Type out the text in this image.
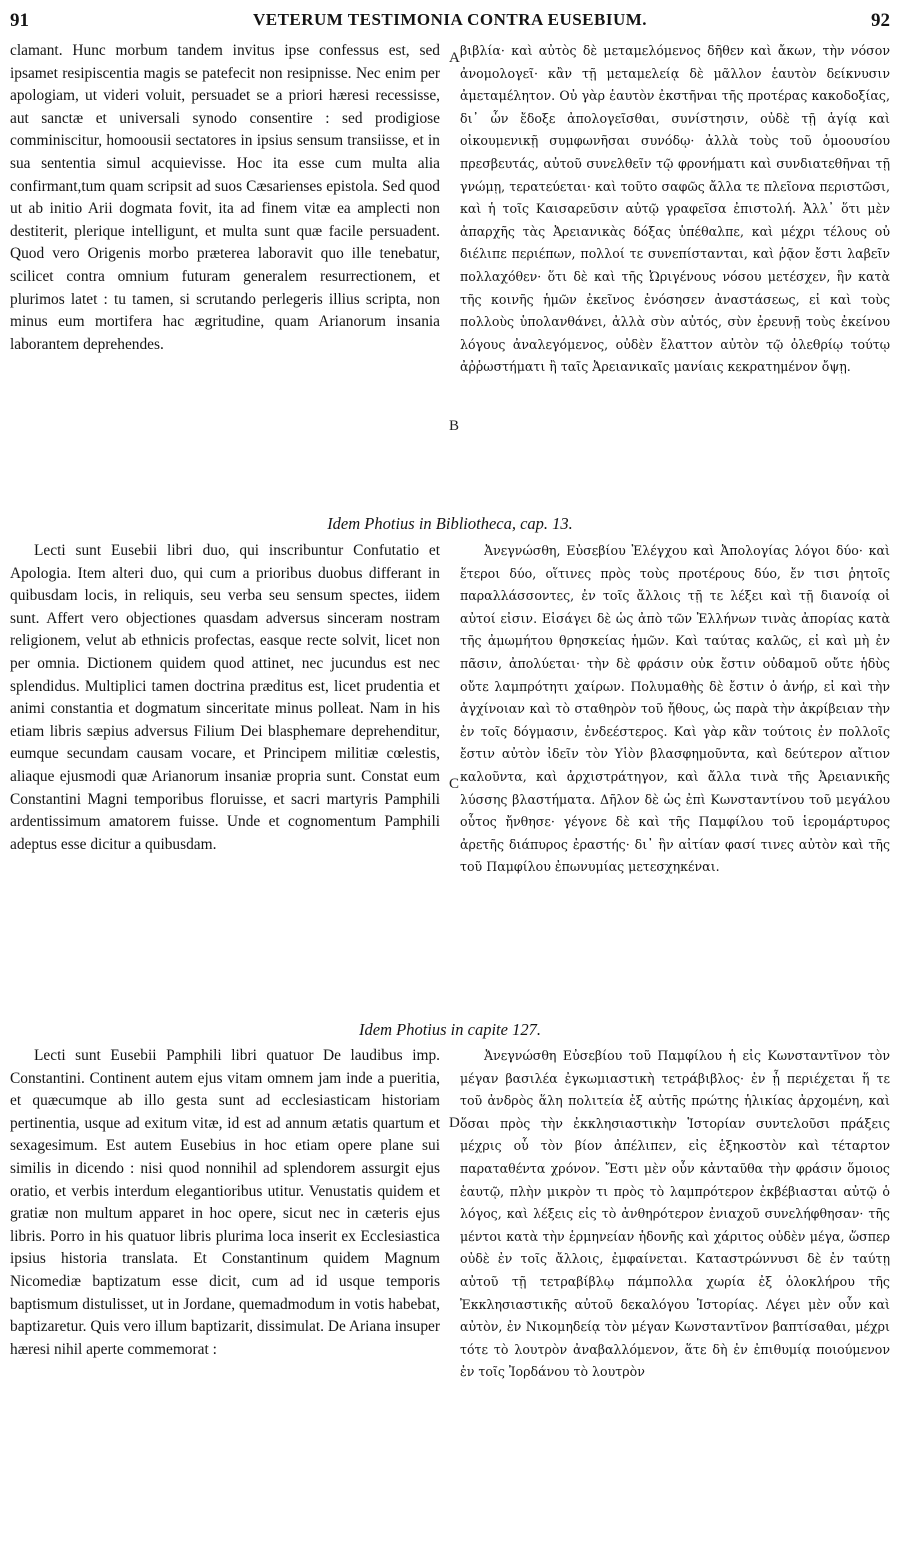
91	VETERUM TESTIMONIA CONTRA EUSEBIUM.	92

clamant. Hunc morbum tandem invitus ipse confessus est, sed ipsamet resipiscentia magis se patefecit non resipnisse. Nec enim per apologiam, ut videri voluit, persuadet se a priori hæresi recessisse, aut sanctæ et universali synodo consentire : sed prodigiose comminiscitur, homoousii sectatores in ipsius sensum transiisse, et in sua sententia simul acquievisse. Hoc ita esse cum multa alia confirmant,tum quam scripsit ad suos Cæsarienses epistola. Sed quod ut ab initio Arii dogmata fovit, ita ad finem vitæ ea amplecti non destiterit, plerique intelligunt, et multa sunt quæ facile persuadent. Quod vero Origenis morbo præterea laboravit quo ille tenebatur, scilicet contra omnium futuram generalem resurrectionem, et plurimos latet : tu tamen, si scrutando perlegeris illius scripta, non minus eum mortifera hac ægritudine, quam Arianorum insania laborantem deprehendes.

βιβλία· καὶ αὐτὸς δὲ μεταμελόμενος δῆθεν καὶ ἄκων, τὴν νόσον ἀνομολογεῖ· κἂν τῇ μεταμελείᾳ δὲ μᾶλλον ἑαυτὸν δείκνυσιν ἀμεταμέλητον. Οὐ γὰρ ἑαυτὸν ἐκστῆναι τῆς προτέρας κακοδοξίας, δι᾽ ὧν ἔδοξε ἀπολογεῖσθαι, συνίστησιν, οὐδὲ τῇ ἁγίᾳ καὶ οἰκουμενικῇ συμφωνῆσαι συνόδῳ· ἀλλὰ τοὺς τοῦ ὁμοουσίου πρεσβευτάς, αὐτοῦ συνελθεῖν τῷ φρονήματι καὶ συνδιατεθῆναι τῇ γνώμῃ, τερατεύεται· καὶ τοῦτο σαφῶς ἄλλα τε πλεῖονα περιστῶσι, καὶ ἡ τοῖς Καισαρεῦσιν αὐτῷ γραφεῖσα ἐπιστολή. Ἀλλ᾽ ὅτι μὲν ἀπαρχῆς τὰς Ἀρειανικὰς δόξας ὑπέθαλπε, καὶ μέχρι τέλους οὐ διέλιπε περιέπων, πολλοί τε συνεπίστανται, καὶ ῥᾷον ἔστι λαβεῖν πολλαχόθεν· ὅτι δὲ καὶ τῆς Ὠριγένους νόσου μετέσχεν, ἣν κατὰ τῆς κοινῆς ἡμῶν ἐκεῖνος ἐνόσησεν ἀναστάσεως, εἰ καὶ τοὺς πολλοὺς ὑπολανθάνει, ἀλλὰ σὺν αὐτός, σὺν ἐρευνῇ τοὺς ἐκείνου λόγους ἀναλεγόμενος, οὐδὲν ἔλαττον αὐτὸν τῷ ὀλεθρίῳ τούτῳ ἀῤῥωστήματι ἢ ταῖς Ἀρειανικαῖς μανίαις κεκρατημένον ὄψῃ.

A
B
Idem Photius in Bibliotheca, cap. 13.

Lecti sunt Eusebii libri duo, qui inscribuntur Confutatio et Apologia. Item alteri duo, qui cum a prioribus duobus differant in quibusdam locis, in reliquis, seu verba seu sensum spectes, iidem sunt. Affert vero objectiones quasdam adversus sinceram nostram religionem, velut ab ethnicis profectas, easque recte solvit, licet non per omnia. Dictionem quidem quod attinet, nec jucundus est nec splendidus. Multiplici tamen doctrina præditus est, licet prudentia et animi constantia et dogmatum sinceritate minus polleat. Nam in his etiam libris sæpius adversus Filium Dei blasphemare deprehenditur, eumque secundam causam vocare, et Principem militiæ cœlestis, aliaque ejusmodi quæ Arianorum insaniæ propria sunt. Constat eum Constantini Magni temporibus floruisse, et sacri martyris Pamphili ardentissimum amatorem fuisse. Unde et cognomentum Pamphili adeptus esse dicitur a quibusdam.

Ἀνεγνώσθη, Εὐσεβίου Ἐλέγχου καὶ Ἀπολογίας λόγοι δύο· καὶ ἕτεροι δύο, οἵτινες πρὸς τοὺς προτέρους δύο, ἔν τισι ῥητοῖς παραλλάσσοντες, ἐν τοῖς ἄλλοις τῇ τε λέξει καὶ τῇ διανοίᾳ οἱ αὐτοί εἰσιν. Εἰσάγει δὲ ὡς ἀπὸ τῶν Ἑλλήνων τινὰς ἀπορίας κατὰ τῆς ἀμωμήτου θρησκείας ἡμῶν. Καὶ ταύτας καλῶς, εἰ καὶ μὴ ἐν πᾶσιν, ἀπολύεται· τὴν δὲ φράσιν οὐκ ἔστιν οὐδαμοῦ οὔτε ἡδὺς οὔτε λαμπρότητι χαίρων. Πολυμαθὴς δὲ ἔστιν ὁ ἀνήρ, εἰ καὶ τὴν ἀγχίνοιαν καὶ τὸ σταθηρὸν τοῦ ἤθους, ὡς παρὰ τὴν ἀκρίβειαν τὴν ἐν τοῖς δόγμασιν, ἐνδεέστερος. Καὶ γὰρ κἂν τούτοις ἐν πολλοῖς ἔστιν αὐτὸν ἰδεῖν τὸν Υἱὸν βλασφημοῦντα, καὶ δεύτερον αἴτιον καλοῦντα, καὶ ἀρχιστράτηγον, καὶ ἄλλα τινὰ τῆς Ἀρειανικῆς λύσσης βλαστήματα. Δῆλον δὲ ὡς ἐπὶ Κωνσταντίνου τοῦ μεγάλου οὗτος ἤνθησε· γέγονε δὲ καὶ τῆς Παμφίλου τοῦ ἱερομάρτυρος ἀρετῆς διάπυρος ἐραστής· δι᾽ ἣν αἰτίαν φασί τινες αὐτὸν καὶ τῆς τοῦ Παμφίλου ἐπωνυμίας μετεσχηκέναι.

C
Idem Photius in capite 127.

Lecti sunt Eusebii Pamphili libri quatuor De laudibus imp. Constantini. Continent autem ejus vitam omnem jam inde a pueritia, et quæcumque ab illo gesta sunt ad ecclesiasticam historiam pertinentia, usque ad exitum vitæ, id est ad annum ætatis quartum et sexagesimum. Est autem Eusebius in hoc etiam opere plane sui similis in dicendo : nisi quod nonnihil ad splendorem assurgit ejus oratio, et verbis interdum elegantioribus utitur. Venustatis quidem et gratiæ non multum apparet in hoc opere, sicut nec in cæteris ejus libris. Porro in his quatuor libris plurima loca inserit ex Ecclesiastica ipsius historia translata. Et Constantinum quidem Magnum Nicomediæ baptizatum esse dicit, cum ad id usque temporis baptismum distulisset, ut in Jordane, quemadmodum in votis habebat, baptizaretur. Quis vero illum baptizarit, dissimulat. De Ariana insuper hæresi nihil aperte commemorat :

Ἀνεγνώσθη Εὐσεβίου τοῦ Παμφίλου ἡ εἰς Κωνσταντῖνον τὸν μέγαν βασιλέα ἐγκωμιαστικὴ τετράβιβλος· ἐν ᾗ περιέχεται ἥ τε τοῦ ἀνδρὸς ἅλη πολιτεία ἐξ αὐτῆς πρώτης ἡλικίας ἀρχομένη, καὶ ὅσαι πρὸς τὴν ἐκκλησιαστικὴν Ἱστορίαν συντελοῦσι πράξεις μέχρις οὗ τὸν βίον ἀπέλιπεν, εἰς ἑξηκοστὸν καὶ τέταρτον παραταθέντα χρόνον. Ἔστι μὲν οὖν κἀνταῦθα τὴν φράσιν ὅμοιος ἑαυτῷ, πλὴν μικρὸν τι πρὸς τὸ λαμπρότερον ἐκβέβιασται αὐτῷ ὁ λόγος, καὶ λέξεις εἰς τὸ ἀνθηρότερον ἐνιαχοῦ συνελήφθησαν· τῆς μέντοι κατὰ τὴν ἑρμηνείαν ἡδονῆς καὶ χάριτος οὐδὲν μέγα, ὥσπερ οὐδὲ ἐν τοῖς ἄλλοις, ἐμφαίνεται. Καταστρώννυσι δὲ ἐν ταύτῃ αὐτοῦ τῇ τετραβίβλῳ πάμπολλα χωρία ἐξ ὁλοκλήρου τῆς Ἐκκλησιαστικῆς αὐτοῦ δεκαλόγου Ἱστορίας. Λέγει μὲν οὖν καὶ αὐτὸν, ἐν Νικομηδείᾳ τὸν μέγαν Κωνσταντῖνον βαπτίσαθαι, μέχρι τότε τὸ λουτρὸν ἀναβαλλόμενον, ἅτε δὴ ἐν ἐπιθυμίᾳ ποιούμενον ἐν τοῖς Ἰορδάνου τὸ λουτρὸν

D
